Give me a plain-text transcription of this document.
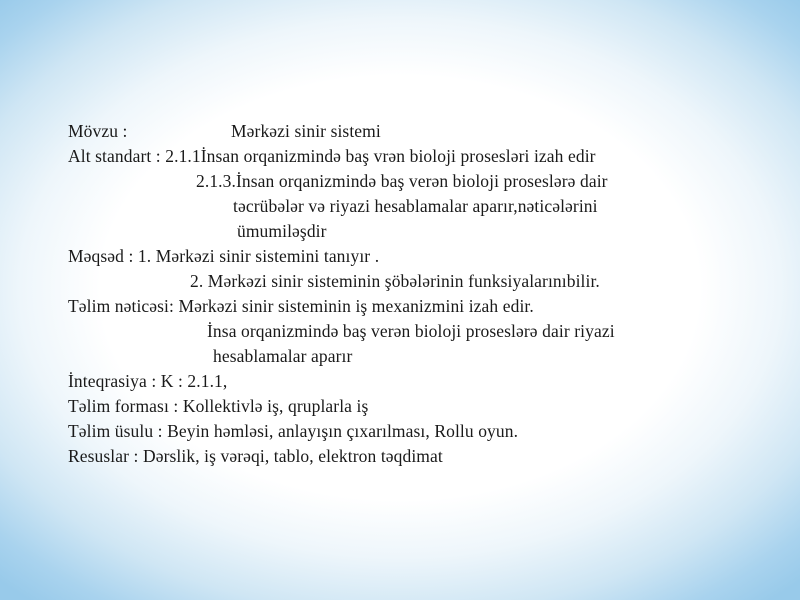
Mövzu :	Mərkəzi sinir sistemi
Alt standart : 2.1.1İnsan orqanizmində baş vrən bioloji prosesləri izah edir
2.1.3.İnsan orqanizmində baş verən bioloji proseslərə dair
təcrübələr və riyazi hesablamalar aparır,nəticələrini
ümumiləşdir
Məqsəd : 1. Mərkəzi sinir sistemini tanıyır .
2. Mərkəzi sinir sisteminin şöbələrinin funksiyalarınıbilir.
Təlim nəticəsi: Mərkəzi sinir sisteminin iş mexanizmini izah edir.
İnsa orqanizmində baş verən bioloji proseslərə dair riyazi
hesablamalar aparır
İnteqrasiya : K : 2.1.1,
Təlim forması : Kollektivlə iş, qruplarla iş
Təlim üsulu : Beyin həmləsi, anlayışın çıxarılması, Rollu oyun.
Resuslar : Dərslik, iş vərəqi, tablo, elektron təqdimat
